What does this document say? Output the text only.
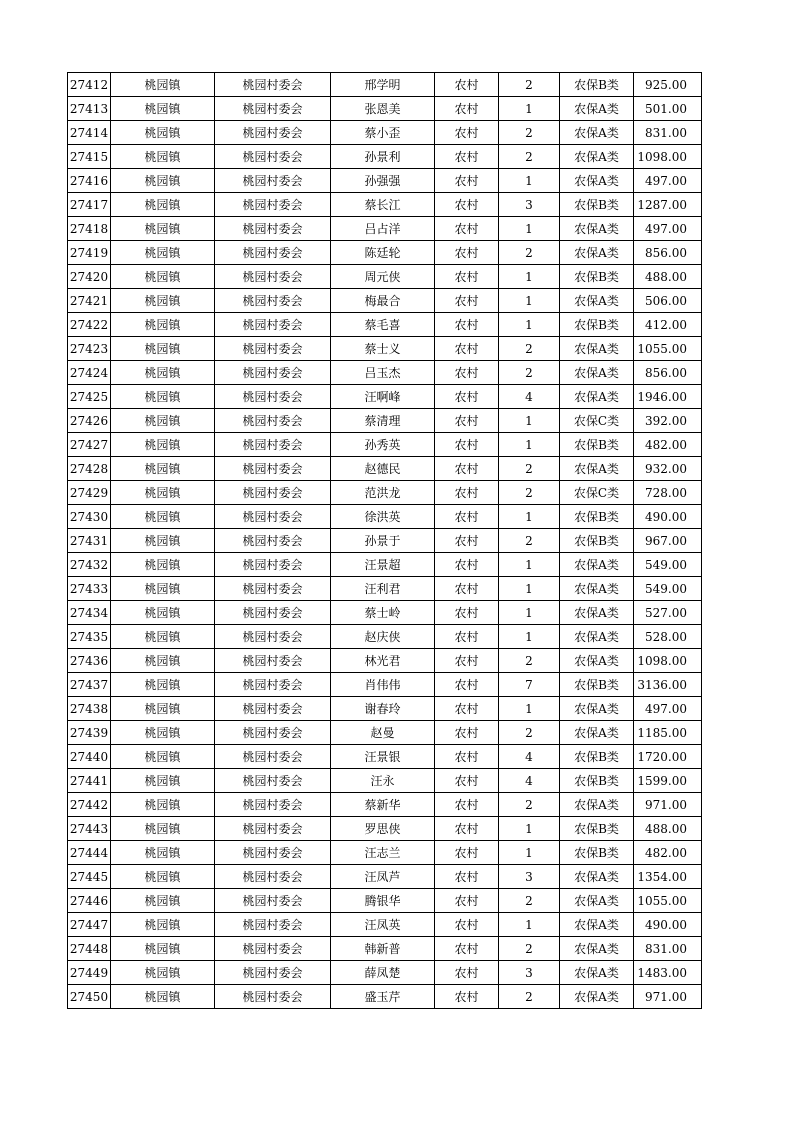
27412	桃园镇	桃园村委会	邢学明	农村	2	农保B类	925.00
27413	桃园镇	桃园村委会	张恩美	农村	1	农保A类	501.00
27414	桃园镇	桃园村委会	蔡小歪	农村	2	农保A类	831.00
27415	桃园镇	桃园村委会	孙景利	农村	2	农保A类	1098.00
27416	桃园镇	桃园村委会	孙强强	农村	1	农保A类	497.00
27417	桃园镇	桃园村委会	蔡长江	农村	3	农保B类	1287.00
27418	桃园镇	桃园村委会	吕占洋	农村	1	农保A类	497.00
27419	桃园镇	桃园村委会	陈廷轮	农村	2	农保A类	856.00
27420	桃园镇	桃园村委会	周元侠	农村	1	农保B类	488.00
27421	桃园镇	桃园村委会	梅最合	农村	1	农保A类	506.00
27422	桃园镇	桃园村委会	蔡毛喜	农村	1	农保B类	412.00
27423	桃园镇	桃园村委会	蔡士义	农村	2	农保A类	1055.00
27424	桃园镇	桃园村委会	吕玉杰	农村	2	农保A类	856.00
27425	桃园镇	桃园村委会	汪啊峰	农村	4	农保A类	1946.00
27426	桃园镇	桃园村委会	蔡清理	农村	1	农保C类	392.00
27427	桃园镇	桃园村委会	孙秀英	农村	1	农保B类	482.00
27428	桃园镇	桃园村委会	赵德民	农村	2	农保A类	932.00
27429	桃园镇	桃园村委会	范洪龙	农村	2	农保C类	728.00
27430	桃园镇	桃园村委会	徐洪英	农村	1	农保B类	490.00
27431	桃园镇	桃园村委会	孙景于	农村	2	农保B类	967.00
27432	桃园镇	桃园村委会	汪景超	农村	1	农保A类	549.00
27433	桃园镇	桃园村委会	汪利君	农村	1	农保A类	549.00
27434	桃园镇	桃园村委会	蔡士岭	农村	1	农保A类	527.00
27435	桃园镇	桃园村委会	赵庆侠	农村	1	农保A类	528.00
27436	桃园镇	桃园村委会	林光君	农村	2	农保A类	1098.00
27437	桃园镇	桃园村委会	肖伟伟	农村	7	农保B类	3136.00
27438	桃园镇	桃园村委会	谢春玲	农村	1	农保A类	497.00
27439	桃园镇	桃园村委会	赵曼	农村	2	农保A类	1185.00
27440	桃园镇	桃园村委会	汪景银	农村	4	农保B类	1720.00
27441	桃园镇	桃园村委会	汪永	农村	4	农保B类	1599.00
27442	桃园镇	桃园村委会	蔡新华	农村	2	农保A类	971.00
27443	桃园镇	桃园村委会	罗思侠	农村	1	农保B类	488.00
27444	桃园镇	桃园村委会	汪志兰	农村	1	农保B类	482.00
27445	桃园镇	桃园村委会	汪凤芦	农村	3	农保A类	1354.00
27446	桃园镇	桃园村委会	腾银华	农村	2	农保A类	1055.00
27447	桃园镇	桃园村委会	汪凤英	农村	1	农保A类	490.00
27448	桃园镇	桃园村委会	韩新普	农村	2	农保A类	831.00
27449	桃园镇	桃园村委会	薛凤楚	农村	3	农保A类	1483.00
27450	桃园镇	桃园村委会	盛玉芹	农村	2	农保A类	971.00
